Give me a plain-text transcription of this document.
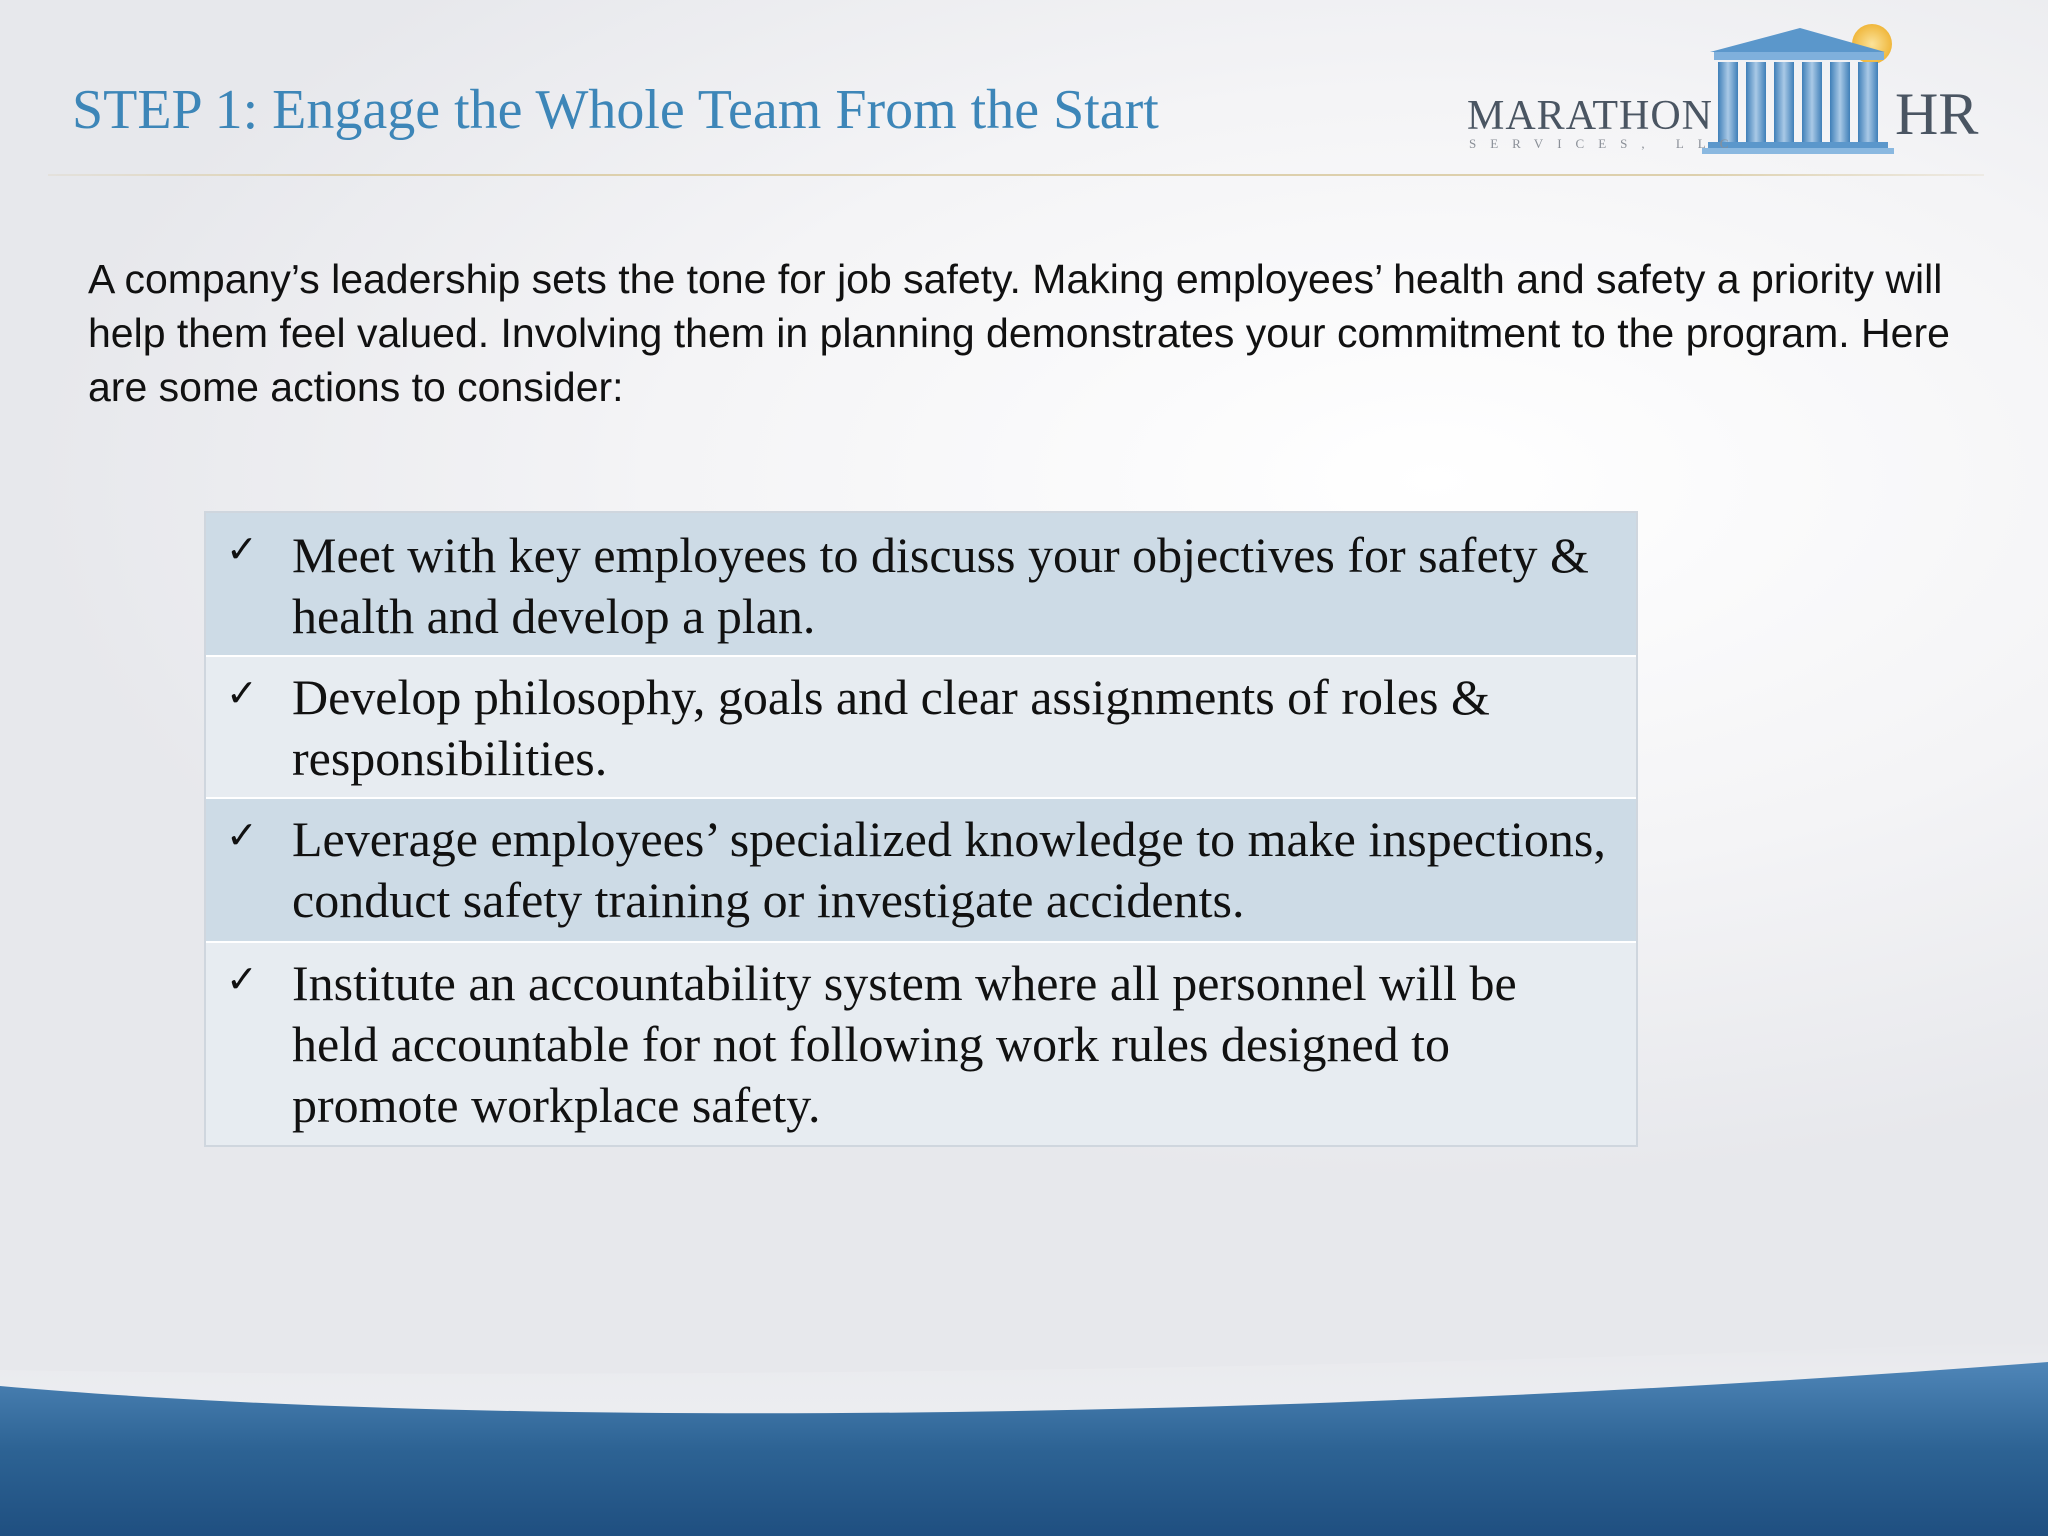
STEP 1: Engage the Whole Team From the Start	MARATHON
SERVICES, LLC	HR
A company’s leadership sets the tone for job safety. Making employees’ health and safety a priority will help them feel valued. Involving them in planning demonstrates your commitment to the program. Here are some actions to consider:
✓ Meet with key employees to discuss your objectives for safety & health and develop a plan.
✓ Develop philosophy, goals and clear assignments of roles & responsibilities.
✓ Leverage employees’ specialized knowledge to make inspections, conduct safety training or investigate accidents.
✓ Institute an accountability system where all personnel will be held accountable for not following work rules designed to promote workplace safety.
